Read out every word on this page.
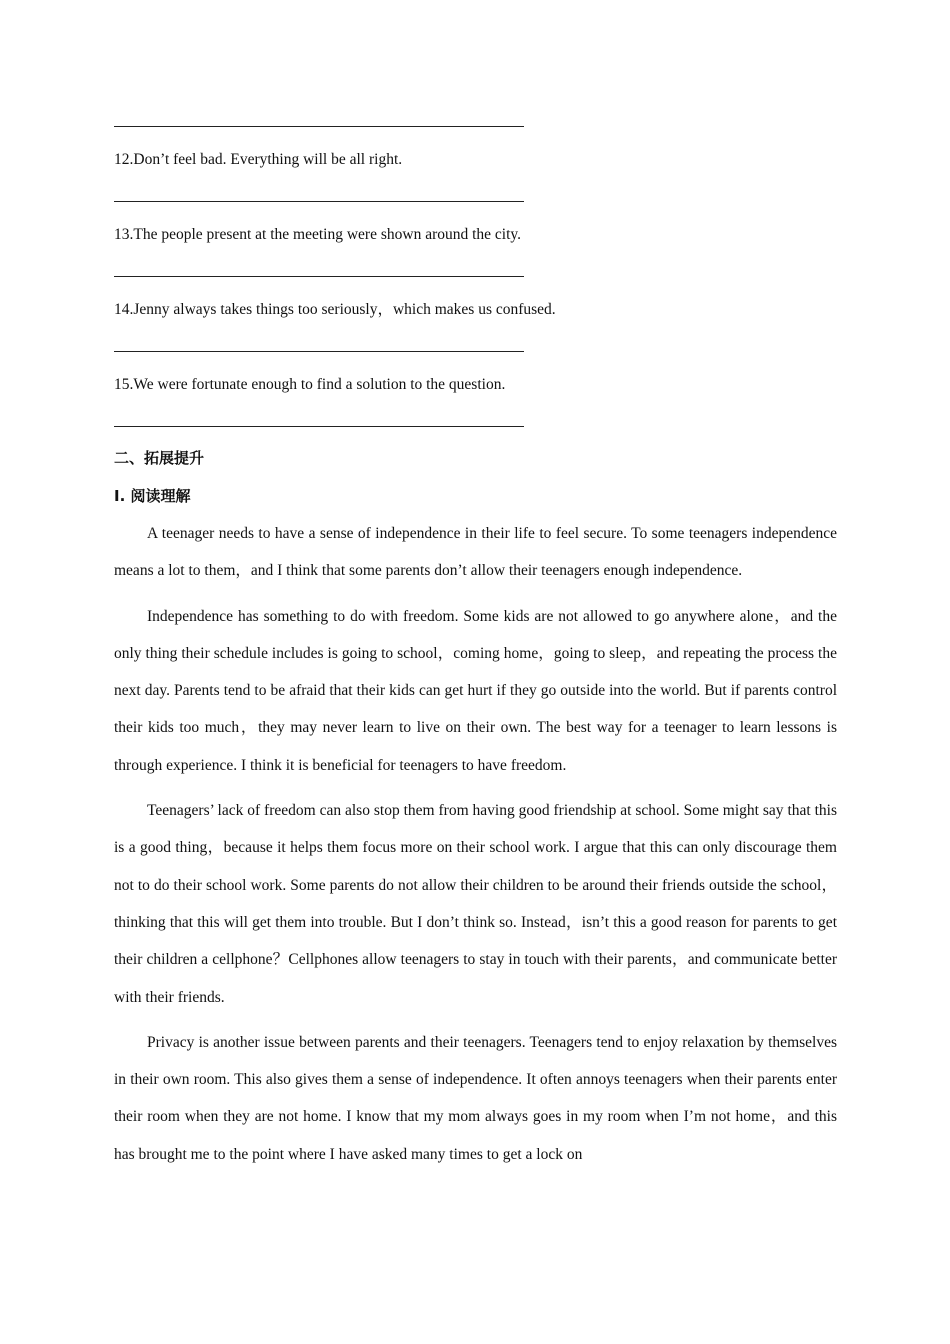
12.Don’t feel bad. Everything will be all right.
13.The people present at the meeting were shown around the city.
14.Jenny always takes things too seriously，which makes us confused.
15.We were fortunate enough to find a solution to the question.
二、拓展提升
I. 阅读理解

A teenager needs to have a sense of independence in their life to feel secure. To some teenagers independence means a lot to them，and I think that some parents don’t allow their teenagers enough independence.

Independence has something to do with freedom. Some kids are not allowed to go anywhere alone，and the only thing their schedule includes is going to school，coming home，going to sleep，and repeating the process the next day. Parents tend to be afraid that their kids can get hurt if they go outside into the world. But if parents control their kids too much，they may never learn to live on their own. The best way for a teenager to learn lessons is through experience. I think it is beneficial for teenagers to have freedom.

Teenagers’ lack of freedom can also stop them from having good friendship at school. Some might say that this is a good thing，because it helps them focus more on their school work. I argue that this can only discourage them not to do their school work. Some parents do not allow their children to be around their friends outside the school，thinking that this will get them into trouble. But I don’t think so. Instead，isn’t this a good reason for parents to get their children a cellphone？Cellphones allow teenagers to stay in touch with their parents，and communicate better with their friends.

Privacy is another issue between parents and their teenagers. Teenagers tend to enjoy relaxation by themselves in their own room. This also gives them a sense of independence. It often annoys teenagers when their parents enter their room when they are not home. I know that my mom always goes in my room when I’m not home，and this has brought me to the point where I have asked many times to get a lock on
